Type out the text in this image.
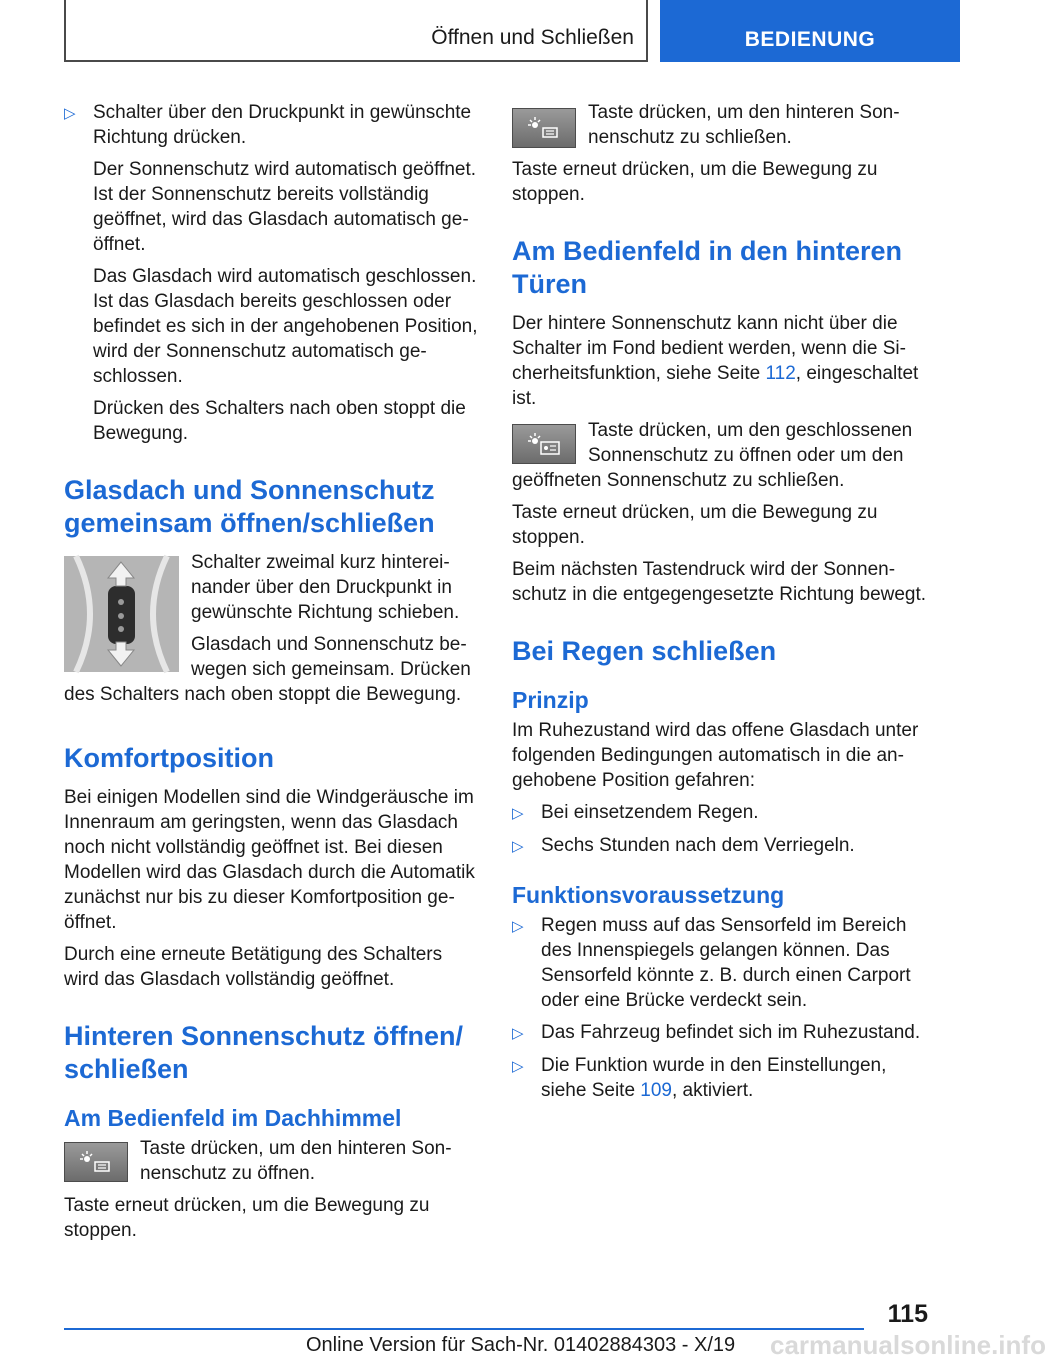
Öffnen und Schließen	BEDIENUNG
▷ Schalter über den Druckpunkt in gewünschte Richtung drücken.

Der Sonnenschutz wird automatisch geöffnet. Ist der Sonnenschutz bereits vollständig geöffnet, wird das Glasdach automatisch geöffnet.

Das Glasdach wird automatisch geschlossen. Ist das Glasdach bereits geschlossen oder befindet es sich in der angehobenen Position, wird der Sonnenschutz automatisch geschlossen.

Drücken des Schalters nach oben stoppt die Bewegung.

Glasdach und Sonnenschutz gemeinsam öffnen/schließen

Schalter zweimal kurz hintereinander über den Druckpunkt in gewünschte Richtung schieben.

Glasdach und Sonnenschutz bewegen sich gemeinsam. Drücken des Schalters nach oben stoppt die Bewegung.

Komfortposition

Bei einigen Modellen sind die Windgeräusche im Innenraum am geringsten, wenn das Glasdach noch nicht vollständig geöffnet ist. Bei diesen Modellen wird das Glasdach durch die Automatik zunächst nur bis zu dieser Komfortposition geöffnet.

Durch eine erneute Betätigung des Schalters wird das Glasdach vollständig geöffnet.

Hinteren Sonnenschutz öffnen/ schließen
Am Bedienfeld im Dachhimmel

Taste drücken, um den hinteren Sonnenschutz zu öffnen.

Taste erneut drücken, um die Bewegung zu stoppen.

Taste drücken, um den hinteren Sonnenschutz zu schließen.

Taste erneut drücken, um die Bewegung zu stoppen.

Am Bedienfeld in den hinteren Türen

Der hintere Sonnenschutz kann nicht über die Schalter im Fond bedient werden, wenn die Sicherheitsfunktion, siehe Seite 112, eingeschaltet ist.

Taste drücken, um den geschlossenen Sonnenschutz zu öffnen oder um den geöffneten Sonnenschutz zu schließen.

Taste erneut drücken, um die Bewegung zu stoppen.

Beim nächsten Tastendruck wird der Sonnenschutz in die entgegengesetzte Richtung bewegt.

Bei Regen schließen
Prinzip

Im Ruhezustand wird das offene Glasdach unter folgenden Bedingungen automatisch in die angehobene Position gefahren:

▷ Bei einsetzendem Regen.

▷ Sechs Stunden nach dem Verriegeln.

Funktionsvoraussetzung
▷ Regen muss auf das Sensorfeld im Bereich des Innenspiegels gelangen können. Das Sensorfeld könnte z. B. durch einen Carport oder eine Brücke verdeckt sein.

▷ Das Fahrzeug befindet sich im Ruhezustand.

▷ Die Funktion wurde in den Einstellungen, siehe Seite 109, aktiviert.

115
Online Version für Sach-Nr. 01402884303 - X/19 carmanualsonline.info
